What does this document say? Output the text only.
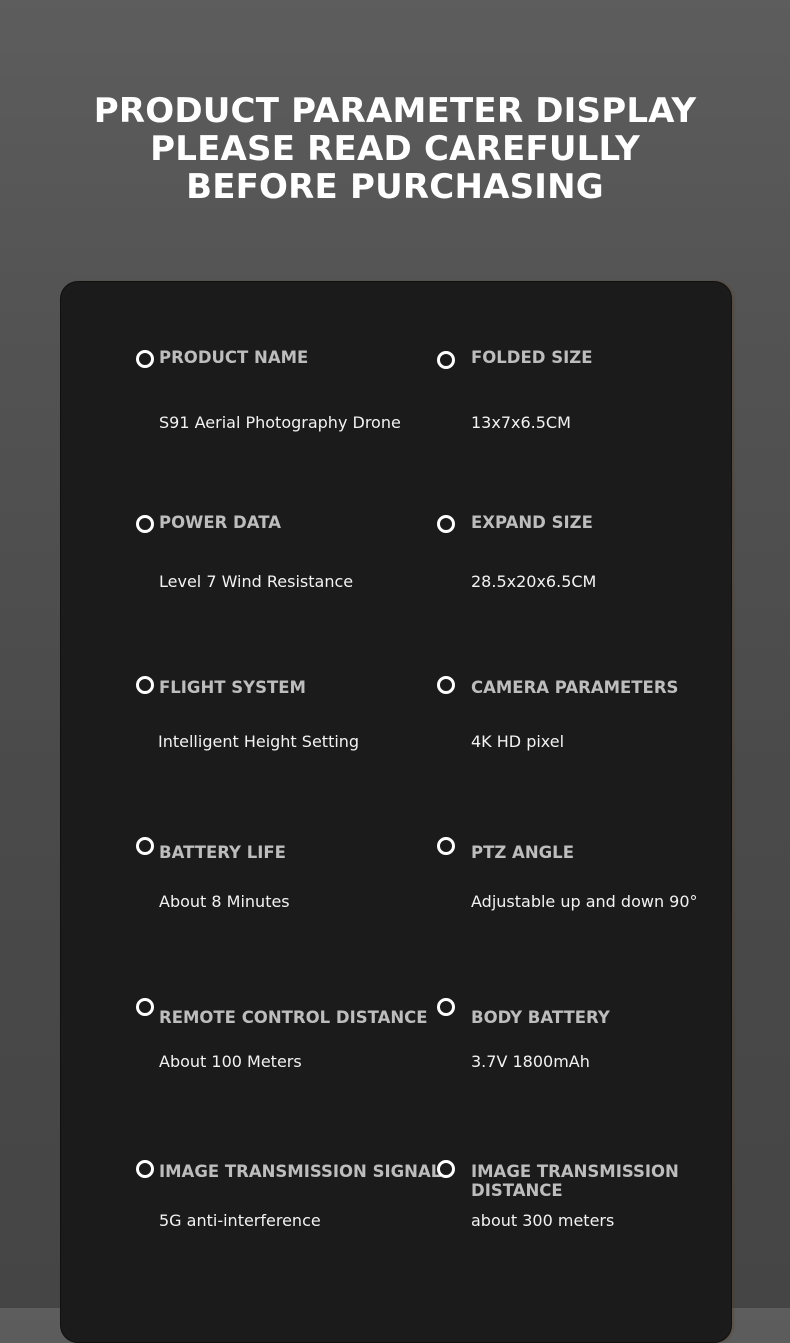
PRODUCT PARAMETER DISPLAY
PLEASE READ CAREFULLY
BEFORE PURCHASING
PRODUCT NAME
S91 Aerial Photography Drone
FOLDED SIZE
13x7x6.5CM
POWER DATA
Level 7 Wind Resistance
EXPAND SIZE
28.5x20x6.5CM
FLIGHT SYSTEM
Intelligent Height Setting
CAMERA PARAMETERS
4K HD pixel
BATTERY LIFE
About 8 Minutes
PTZ ANGLE
Adjustable up and down 90°
REMOTE CONTROL DISTANCE
About 100 Meters
BODY BATTERY
3.7V 1800mAh
IMAGE TRANSMISSION SIGNAL
5G anti-interference
IMAGE TRANSMISSION
DISTANCE
about 300 meters
